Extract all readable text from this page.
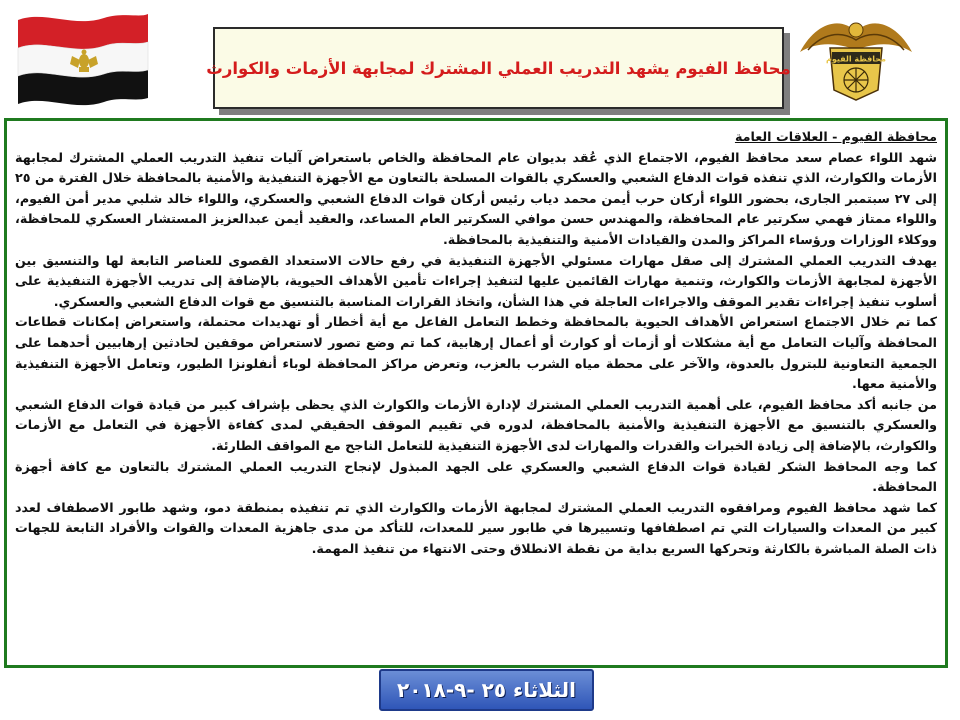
محافظ الفيوم يشهد التدريب العملي المشترك لمجابهة الأزمات والكوارث	محافظة الفيوم

محافظة الفيوم - العلاقات العامة

شهد اللواء عصام سعد محافظ الفيوم، الاجتماع الذي عُقد بديوان عام المحافظة والخاص باستعراض آليات تنفيذ التدريب العملي المشترك لمجابهة الأزمات والكوارث، الذي تنفذه قوات الدفاع الشعبي والعسكري بالقوات المسلحة بالتعاون مع الأجهزة التنفيذية والأمنية بالمحافظة خلال الفترة من ٢٥ إلى ٢٧ سبتمبر الجارى، بحضور اللواء أركان حرب أيمن محمد دياب رئيس أركان قوات الدفاع الشعبي والعسكري، واللواء خالد شلبي مدير أمن الفيوم، واللواء ممتاز فهمي سكرتير عام المحافظة، والمهندس حسن موافي السكرتير العام المساعد، والعقيد أيمن عبدالعزيز المستشار العسكري للمحافظة، ووكلاء الوزارات ورؤساء المراكز والمدن والقيادات الأمنية والتنفيذية بالمحافظة.

يهدف التدريب العملي المشترك إلى صقل مهارات مسئولي الأجهزة التنفيذية في رفع حالات الاستعداد القصوى للعناصر التابعة لها والتنسيق بين الأجهزة لمجابهة الأزمات والكوارث، وتنمية مهارات القائمين عليها لتنفيذ إجراءات تأمين الأهداف الحيوية، بالإضافة إلى تدريب الأجهزة التنفيذية على أسلوب تنفيذ إجراءات تقدير الموقف والاجراءات العاجلة في هذا الشأن، واتخاذ القرارات المناسبة بالتنسيق مع قوات الدفاع الشعبي والعسكري.

كما تم خلال الاجتماع استعراض الأهداف الحيوية بالمحافظة وخطط التعامل الفاعل مع أية أخطار أو تهديدات محتملة، واستعراض إمكانات قطاعات المحافظة وآليات التعامل مع أية مشكلات أو أزمات أو كوارث أو أعمال إرهابية، كما تم وضع تصور لاستعراض موقفين لحادثين إرهابيين أحدهما على الجمعية التعاونية للبترول بالعدوة، والآخر على محطة مياه الشرب بالعزب، وتعرض مراكز المحافظة لوباء أنفلونزا الطيور، وتعامل الأجهزة التنفيذية والأمنية معها.

من جانبه أكد محافظ الفيوم، على أهمية التدريب العملي المشترك لإدارة الأزمات والكوارث الذي يحظى بإشراف كبير من قيادة قوات الدفاع الشعبي والعسكري بالتنسيق مع الأجهزة التنفيذية والأمنية بالمحافظة، لدوره في تقييم الموقف الحقيقي لمدى كفاءة الأجهزة في التعامل مع الأزمات والكوارث، بالإضافة إلى زيادة الخبرات والقدرات والمهارات لدى الأجهزة التنفيذية للتعامل الناجح مع المواقف الطارئة.

كما وجه المحافظ الشكر لقيادة قوات الدفاع الشعبي والعسكري على الجهد المبذول لإنجاح التدريب العملي المشترك بالتعاون مع كافة أجهزة المحافظة.

كما شهد محافظ الفيوم ومرافقوه التدريب العملي المشترك لمجابهة الأزمات والكوارث الذي تم تنفيذه بمنطقة دمو، وشهد طابور الاصطفاف لعدد كبير من المعدات والسيارات التي تم اصطفافها وتسييرها في طابور سير للمعدات، للتأكد من مدى جاهزية المعدات والقوات والأفراد التابعة للجهات ذات الصلة المباشرة بالكارثة وتحركها السريع بداية من نقطة الانطلاق وحتى الانتهاء من تنفيذ المهمة.

الثلاثاء ٢٥ -٩-٢٠١٨
